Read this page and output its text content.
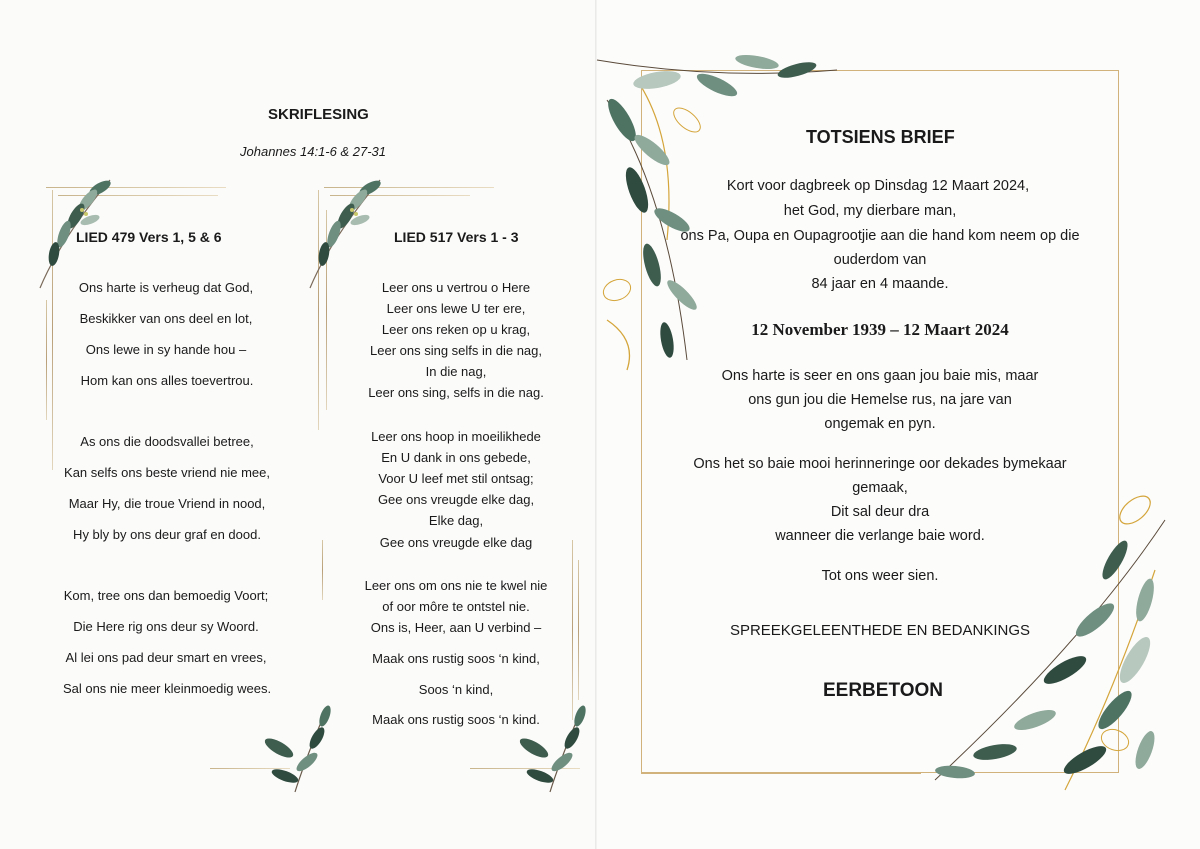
SKRIFLESING
Johannes 14:1-6 & 27-31
LIED 479 Vers 1, 5 & 6	LIED 517 Vers 1 - 3
Ons harte is verheug dat God,
Beskikker van ons deel en lot,
Ons lewe in sy hande hou –
Hom kan ons alles toevertrou.
As ons die doodsvallei betree,
Kan selfs ons beste vriend nie mee,
Maar Hy, die troue Vriend in nood,
Hy bly by ons deur graf en dood.
Kom, tree ons dan bemoedig Voort;
Die Here rig ons deur sy Woord.
Al lei ons pad deur smart en vrees,
Sal ons nie meer kleinmoedig wees.
Leer ons u vertrou o Here
Leer ons lewe U ter ere,
Leer ons reken op u krag,
Leer ons sing selfs in die nag,
In die nag,
Leer ons sing, selfs in die nag.
Leer ons hoop in moeilikhede
En U dank in ons gebede,
Voor U leef met stil ontsag;
Gee ons vreugde elke dag,
Elke dag,
Gee ons vreugde elke dag
Leer ons om ons nie te kwel nie
of oor môre te ontstel nie.
Ons is, Heer, aan U verbind –
Maak ons rustig soos ‘n kind,
Soos ‘n kind,
Maak ons rustig soos ‘n kind.
TOTSIENS BRIEF
Kort voor dagbreek op Dinsdag 12 Maart 2024,
het God, my dierbare man,
ons Pa, Oupa en Oupagrootjie aan die hand kom neem op die
ouderdom van
84 jaar en 4 maande.
12 November 1939 – 12 Maart 2024
Ons harte is seer en ons gaan jou baie mis, maar
ons gun jou die Hemelse rus, na jare van
ongemak en pyn.
Ons het so baie mooi herinneringe oor dekades bymekaar
gemaak,
Dit sal deur dra
wanneer die verlange baie word.
Tot ons weer sien.
SPREEKGELEENTHEDE EN BEDANKINGS
EERBETOON
